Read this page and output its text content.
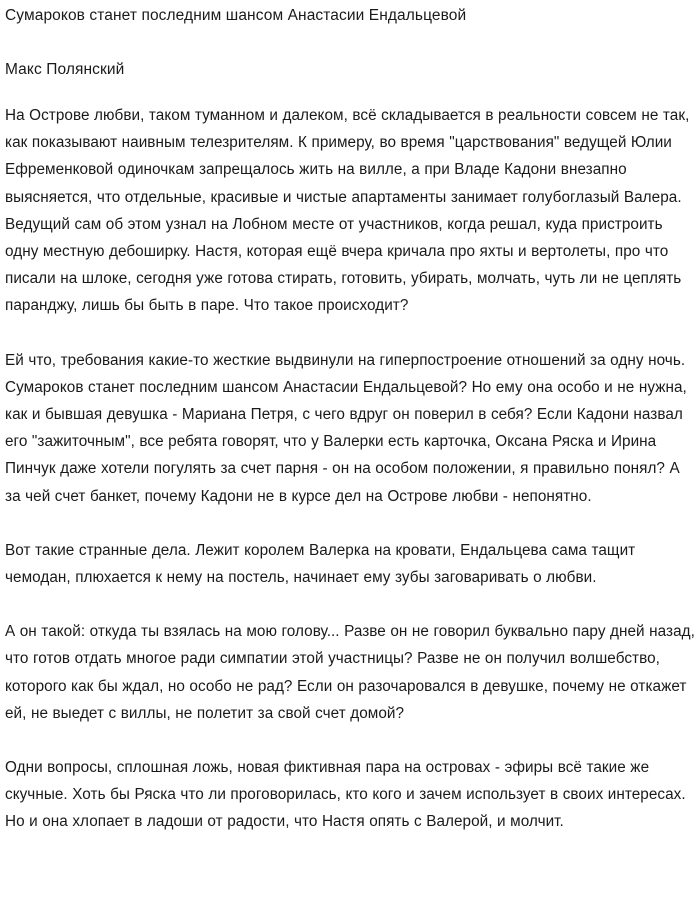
Сумароков станет последним шансом Анастасии Ендальцевой
Макс Полянский

На Острове любви, таком туманном и далеком, всё складывается в реальности совсем не так, как показывают наивным телезрителям. К примеру, во время "царствования" ведущей Юлии Ефременковой одиночкам запрещалось жить на вилле, а при Владе Кадони внезапно выясняется, что отдельные, красивые и чистые апартаменты занимает голубоглазый Валера. Ведущий сам об этом узнал на Лобном месте от участников, когда решал, куда пристроить одну местную дебоширку. Настя, которая ещё вчера кричала про яхты и вертолеты, про что писали на шлоке, сегодня уже готова стирать, готовить, убирать, молчать, чуть ли не цеплять паранджу, лишь бы быть в паре. Что такое происходит?

Ей что, требования какие-то жесткие выдвинули на гиперпостроение отношений за одну ночь. Сумароков станет последним шансом Анастасии Ендальцевой? Но ему она особо и не нужна, как и бывшая девушка - Мариана Петря, с чего вдруг он поверил в себя? Если Кадони назвал его "зажиточным", все ребята говорят, что у Валерки есть карточка, Оксана Ряска и Ирина Пинчук даже хотели погулять за счет парня - он на особом положении, я правильно понял? А за чей счет банкет, почему Кадони не в курсе дел на Острове любви - непонятно.

Вот такие странные дела. Лежит королем Валерка на кровати, Ендальцева сама тащит чемодан, плюхается к нему на постель, начинает ему зубы заговаривать о любви.

А он такой: откуда ты взялась на мою голову... Разве он не говорил буквально пару дней назад, что готов отдать многое ради симпатии этой участницы? Разве не он получил волшебство, которого как бы ждал, но особо не рад? Если он разочаровался в девушке, почему не откажет ей, не выедет с виллы, не полетит за свой счет домой?

Одни вопросы, сплошная ложь, новая фиктивная пара на островах - эфиры всё такие же скучные. Хоть бы Ряска что ли проговорилась, кто кого и зачем использует в своих интересах. Но и она хлопает в ладоши от радости, что Настя опять с Валерой, и молчит.
